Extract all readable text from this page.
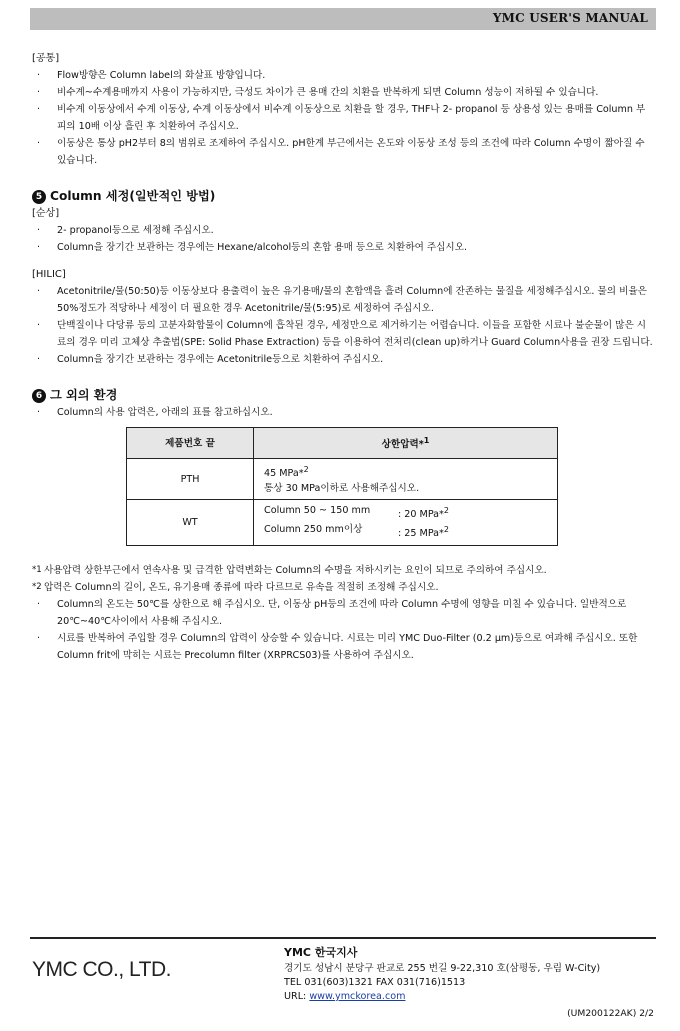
YMC USER'S MANUAL
[공통]
· Flow방향은 Column label의 화살표 방향입니다.
· 비수계~수계용매까지 사용이 가능하지만, 극성도 차이가 큰 용매 간의 치환을 반복하게 되면 Column 성능이 저하될 수 있습니다.
· 비수계 이동상에서 수계 이동상, 수계 이동상에서 비수계 이동상으로 치환을 할 경우, THF나 2- propanol 등 상용성 있는 용매를 Column 부피의 10배 이상 흘린 후 치환하여 주십시오.
· 이동상은 통상 pH2부터 8의 범위로 조제하여 주십시오. pH한계 부근에서는 온도와 이동상 조성 등의 조건에 따라 Column 수명이 짧아질 수 있습니다.
5 Column 세정(일반적인 방법)
[순상]
· 2- propanol등으로 세정해 주십시오.
· Column을 장기간 보관하는 경우에는 Hexane/alcohol등의 혼합 용매 등으로 치환하여 주십시오.
[HILIC]
· Acetonitrile/물(50:50)등 이동상보다 용출력이 높은 유기용매/물의 혼합액을 흘려 Column에 잔존하는 물질을 세정해주십시오. 물의 비율은 50%정도가 적당하나 세정이 더 필요한 경우 Acetonitrile/물(5:95)로 세정하여 주십시오.
· 단백질이나 다당류 등의 고분자화합물이 Column에 흡착된 경우, 세정만으로 제거하기는 어렵습니다. 이들을 포함한 시료나 불순물이 많은 시료의 경우 미리 고체상 추출법(SPE: Solid Phase Extraction) 등을 이용하여 전처리(clean up)하거나 Guard Column사용을 권장 드립니다.
· Column을 장기간 보관하는 경우에는 Acetonitrile등으로 치환하여 주십시오.
6 그 외의 환경
· Column의 사용 압력은, 아래의 표를 참고하십시오.
제품번호 끝	상한압력*$^1$
PTH	45 MPa*$^2$
통상 30 MPa이하로 사용해주십시오.

WT	Column 50 ~ 150 mm : 20 MPa*$^2$
Column 250 mm이상 : 25 MPa*$^2$
*1 사용압력 상한부근에서 연속사용 및 급격한 압력변화는 Column의 수명을 저하시키는 요인이 되므로 주의하여 주십시오.
*2 압력은 Column의 길이, 온도, 유기용매 종류에 따라 다르므로 유속을 적절히 조정해 주십시오.
· Column의 온도는 50℃를 상한으로 해 주십시오. 단, 이동상 pH등의 조건에 따라 Column 수명에 영향을 미칠 수 있습니다. 일반적으로 20℃~40℃사이에서 사용해 주십시오.
· 시료를 반복하여 주입할 경우 Column의 압력이 상승할 수 있습니다. 시료는 미리 YMC Duo-Filter (0.2 μm)등으로 여과해 주십시오. 또한 Column frit에 막히는 시료는 Precolumn filter (XRPRCS03)를 사용하여 주십시오.
YMC CO., LTD.
YMC 한국지사
경기도 성남시 분당구 판교로 255 번길 9-22,310 호(삼평동, 우림 W-City)
TEL 031(603)1321 FAX 031(716)1513
URL: www.ymckorea.com
(UM200122AK) 2/2
